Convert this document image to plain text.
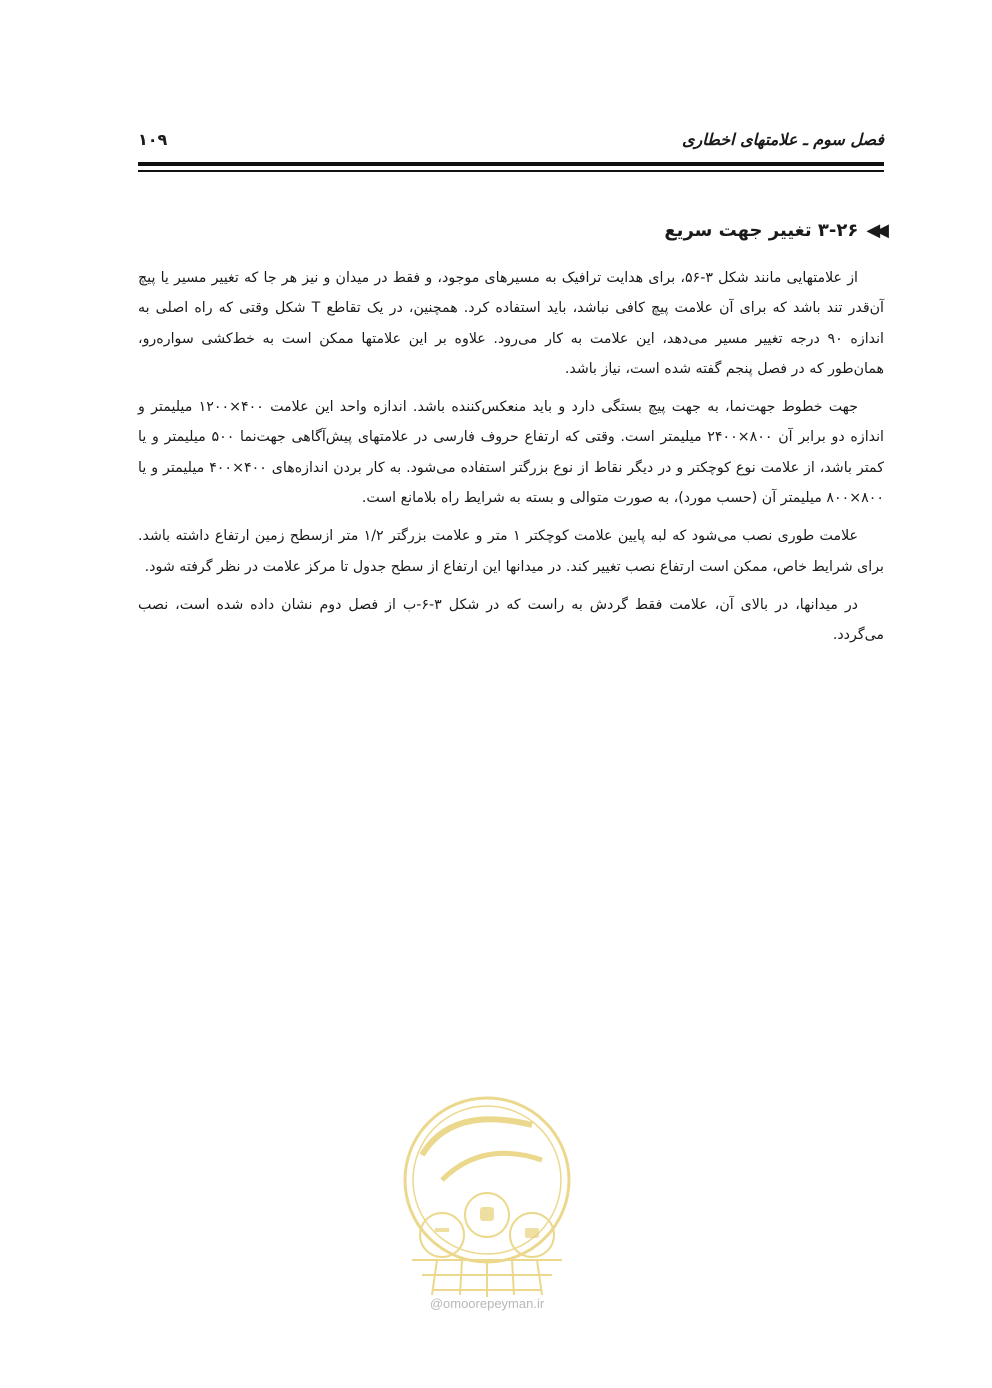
فصل سوم ـ علامتهای اخطاری
۱۰۹
◀◀
۳-۲۶ تغییر جهت سریع

از علامتهایی مانند شکل ۳-۵۶، برای هدایت ترافیک به مسیرهای موجود، و فقط در میدان و نیز هر جا که تغییر مسیر یا پیچ آن‌قدر تند باشد که برای آن علامت پیچ کافی نباشد، باید استفاده کرد. همچنین، در یک تقاطع T شکل وقتی که راه اصلی به اندازه ۹۰ درجه تغییر مسیر می‌دهد، این علامت به کار می‌رود. علاوه بر این علامتها ممکن است به خط‌کشی سواره‌رو، همان‌طور که در فصل پنجم گفته شده است، نیاز باشد.

جهت خطوط جهت‌نما، به جهت پیچ بستگی دارد و باید منعکس‌کننده باشد. اندازه واحد این علامت ۴۰۰×۱۲۰۰ میلیمتر و اندازه دو برابر آن ۸۰۰×۲۴۰۰ میلیمتر است. وقتی که ارتفاع حروف فارسی در علامتهای پیش‌آگاهی جهت‌نما ۵۰۰ میلیمتر و یا کمتر باشد، از علامت نوع کوچکتر و در دیگر نقاط از نوع بزرگتر استفاده می‌شود. به کار بردن اندازه‌های ۴۰۰×۴۰۰ میلیمتر و یا ۸۰۰×۸۰۰ میلیمتر آن (حسب مورد)، به صورت متوالی و بسته به شرایط راه بلامانع است.

علامت طوری نصب می‌شود که لبه پایین علامت کوچکتر ۱ متر و علامت بزرگتر ۱/۲ متر ازسطح زمین ارتفاع داشته باشد. برای شرایط خاص، ممکن است ارتفاع نصب تغییر کند. در میدانها این ارتفاع از سطح جدول تا مرکز علامت در نظر گرفته شود.

در میدانها، در بالای آن، علامت فقط گردش به راست که در شکل ۳-۶-ب از فصل دوم نشان داده شده است، نصب می‌گردد.

@omoorepeyman.ir
